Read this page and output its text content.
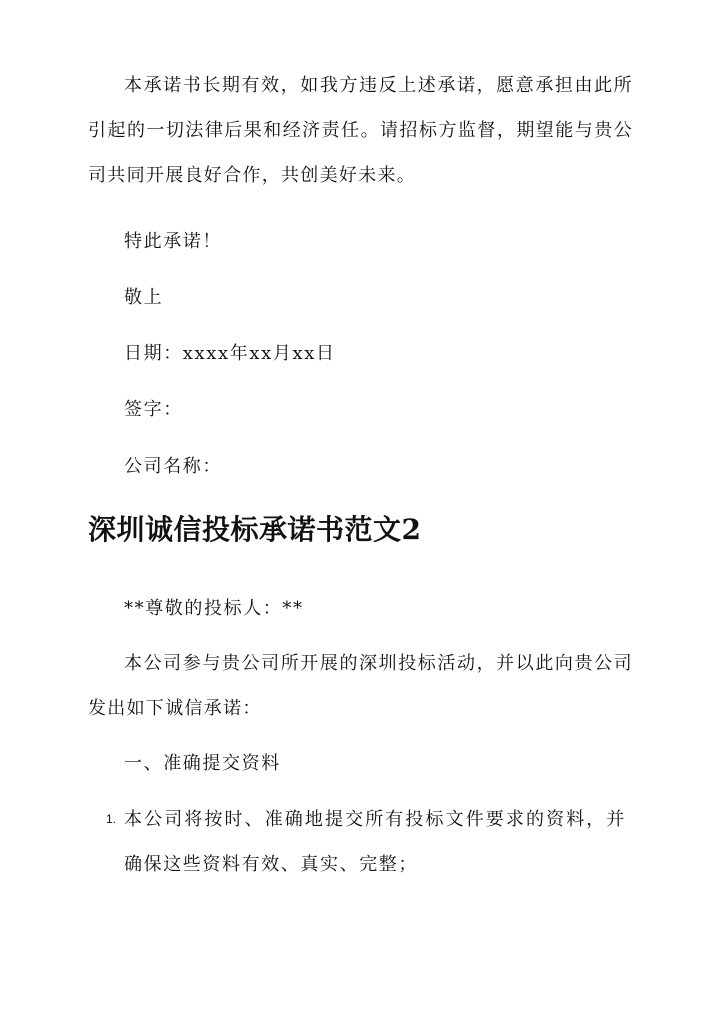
本承诺书长期有效，如我方违反上述承诺，愿意承担由此所引起的一切法律后果和经济责任。请招标方监督，期望能与贵公司共同开展良好合作，共创美好未来。

特此承诺！

敬上

日期：xxxx年xx月xx日

签字：

公司名称：

深圳诚信投标承诺书范文2

**尊敬的投标人：**

本公司参与贵公司所开展的深圳投标活动，并以此向贵公司发出如下诚信承诺：

一、准确提交资料

1. 本公司将按时、准确地提交所有投标文件要求的资料，并确保这些资料有效、真实、完整；
